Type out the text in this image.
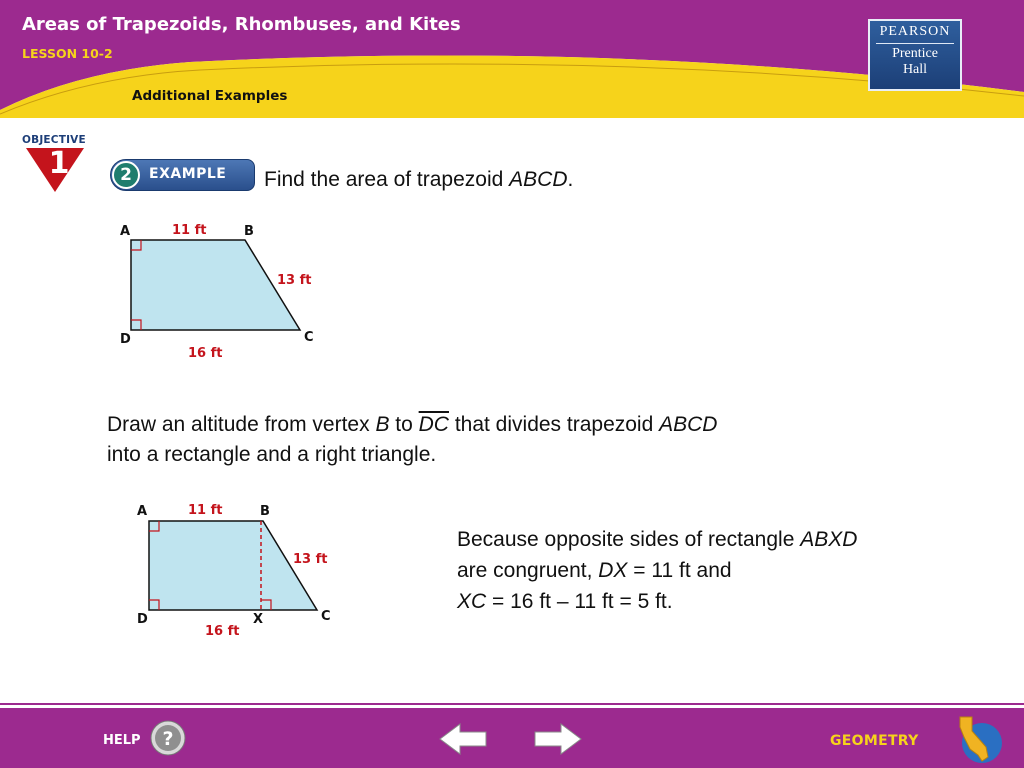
Areas of Trapezoids, Rhombuses, and Kites
LESSON 10-2
Additional Examples
PEARSON
Prentice
Hall
OBJECTIVE
1	2	EXAMPLE Find the area of trapezoid ABCD.
A	B
C
D
11 ft
13 ft
16 ft
Draw an altitude from vertex B to $\overline{DC}$ that divides trapezoid ABCD
into a rectangle and a right triangle.
A	B
C
D	X
11 ft
13 ft
16 ft
Because opposite sides of rectangle ABXD
are congruent, DX = 11 ft and
XC = 16 ft – 11 ft = 5 ft.
HELP ?	GEOMETRY
